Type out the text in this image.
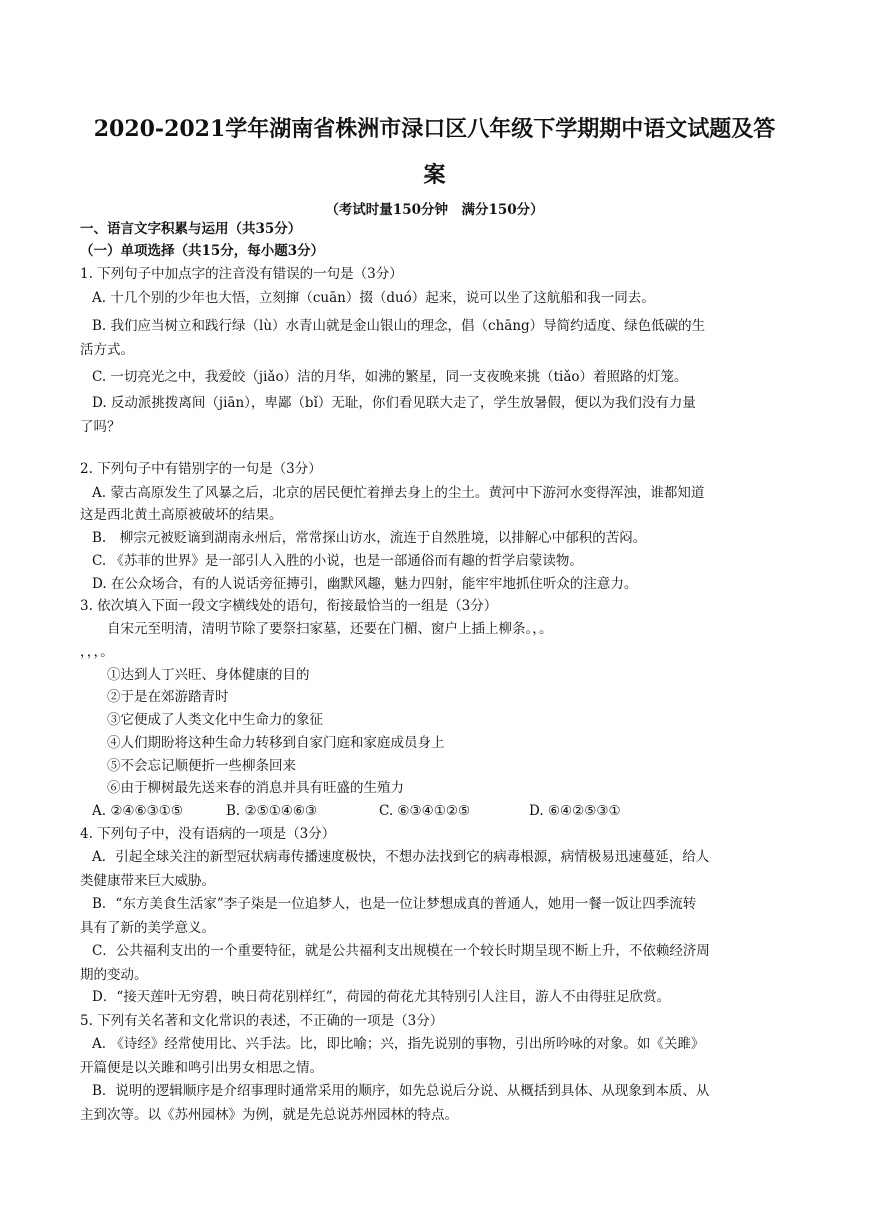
2020-2021学年湖南省株洲市渌口区八年级下学期期中语文试题及答
案
（考试时量150分钟　满分150分）
一、语言文字积累与运用（共35分）
（一）单项选择（共15分，每小题3分）
1. 下列句子中加点字的注音没有错误的一句是（3分）
A. 十几个别的少年也大悟，立刻撺（cuān）掇（duó）起来，说可以坐了这航船和我一同去。
B. 我们应当树立和践行绿（lù）水青山就是金山银山的理念，倡（chāng）导简约适度、绿色低碳的生
活方式。
C. 一切亮光之中，我爱皎（jiǎo）洁的月华，如沸的繁星，同一支夜晚来挑（tiǎo）着照路的灯笼。
D. 反动派挑拨离间（jiān），卑鄙（bǐ）无耻，你们看见联大走了，学生放暑假，便以为我们没有力量
了吗？
2. 下列句子中有错别字的一句是（3分）
A. 蒙古高原发生了风暴之后，北京的居民便忙着掸去身上的尘土。黄河中下游河水变得浑浊，谁都知道
这是西北黄土高原被破坏的结果。
B.　柳宗元被贬谪到湖南永州后，常常探山访水，流连于自然胜境，以排解心中郁积的苦闷。
C. 《苏菲的世界》是一部引人入胜的小说，也是一部通俗而有趣的哲学启蒙读物。
D. 在公众场合，有的人说话旁征摶引，幽默风趣，魅力四射，能牢牢地抓住听众的注意力。
3. 依次填入下面一段文字横线处的语句，衔接最恰当的一组是（3分）
自宋元至明清，清明节除了要祭扫家墓，还要在门楣、窗户上插上柳条。，。
，，，。
①达到人丁兴旺、身体健康的目的
②于是在郊游踏青时
③它便成了人类文化中生命力的象征
④人们期盼将这种生命力转移到自家门庭和家庭成员身上
⑤不会忘记顺便折一些柳条回来
⑥由于柳树最先送来春的消息并具有旺盛的生殖力
A. ②④⑥③①⑤	B. ②⑤①④⑥③	C. ⑥③④①②⑤	D. ⑥④②⑤③①
4. 下列句子中，没有语病的一项是（3分）
A．引起全球关注的新型冠状病毒传播速度极快，不想办法找到它的病毒根源，病情极易迅速蔓延，给人
类健康带来巨大威胁。
B．“东方美食生活家”李子柒是一位追梦人，也是一位让梦想成真的普通人，她用一餐一饭让四季流转
具有了新的美学意义。
C．公共福利支出的一个重要特征，就是公共福利支出规模在一个较长时期呈现不断上升，不依赖经济周
期的变动。
D．“接天莲叶无穷碧，映日荷花别样红”，荷园的荷花尤其特别引人注目，游人不由得驻足欣赏。
5. 下列有关名著和文化常识的表述，不正确的一项是（3分）
A. 《诗经》经常使用比、兴手法。比，即比喻；兴，指先说别的事物，引出所吟咏的对象。如《关雎》
开篇便是以关雎和鸣引出男女相思之情。
B．说明的逻辑顺序是介绍事理时通常采用的顺序，如先总说后分说、从概括到具体、从现象到本质、从
主到次等。以《苏州园林》为例，就是先总说苏州园林的特点。
